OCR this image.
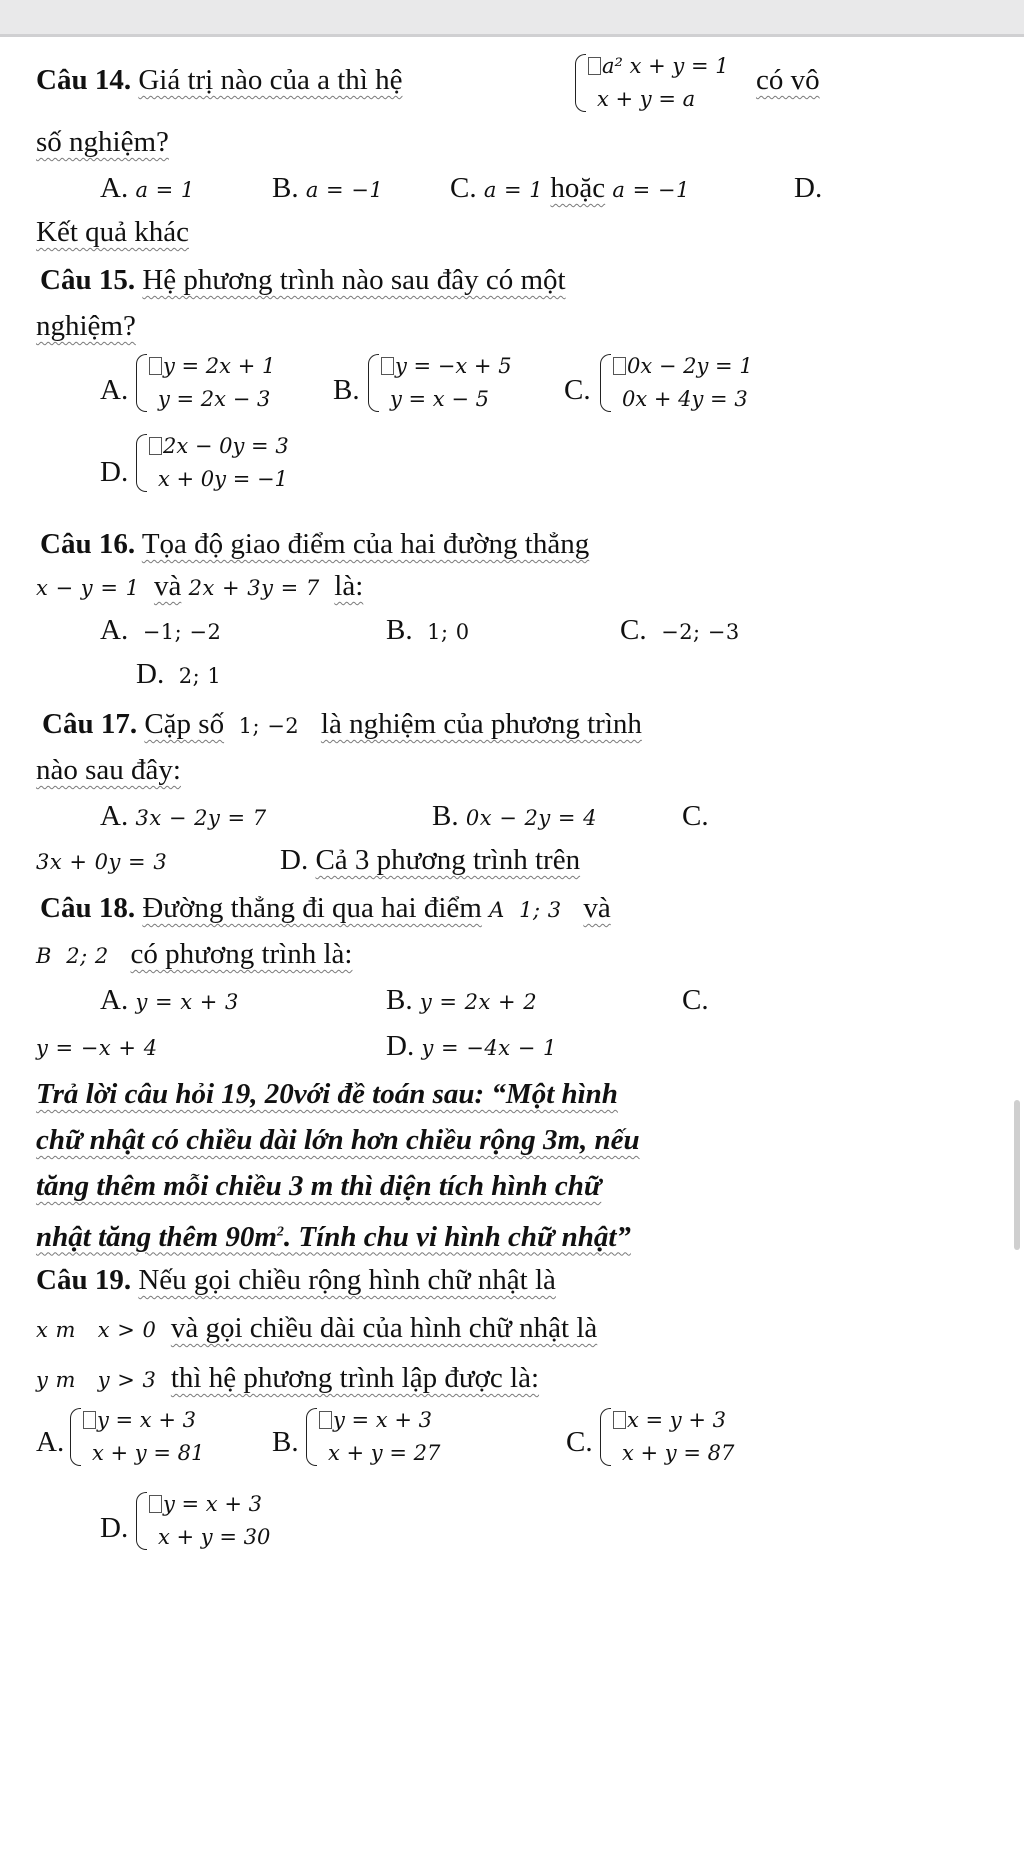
Câu 14. Giá trị nào của a thì hệ	a² x + y = 1
x + y = a
có vô
số nghiệm?
A. a = 1	B. a = −1 C. a = 1 hoặc a = −1	D.
Kết quả khác
Câu 15. Hệ phương trình nào sau đây có một
nghiệm?
A.
y = 2x + 1
y = 2x − 3 B.
y = −x + 5
y = x − 5	C.
0x − 2y = 1
0x + 4y = 3
D.
2x − 0y = 3
x + 0y = −1
Câu 16. Tọa độ giao điểm của hai đường thẳng
x − y = 1 và 2x + 3y = 7 là:
A. −1; −2	B. 1; 0	C. −2; −3
D. 2; 1
Câu 17. Cặp số 1; −2 là nghiệm của phương trình
nào sau đây:
A. 3x − 2y = 7	B. 0x − 2y = 4	C.
3x + 0y = 3	D. Cả 3 phương trình trên
Câu 18. Đường thẳng đi qua hai điểm A  1; 3 và
B  2; 2 có phương trình là:
A. y = x + 3	B. y = 2x + 2	C.
y = −x + 4	D. y = −4x − 1
Trả lời câu hỏi 19, 20với đề toán sau: “Một hình
chữ nhật có chiều dài lớn hơn chiều rộng 3m, nếu
tăng thêm mỗi chiều 3 m thì diện tích hình chữ
nhật tăng thêm $90m^2$. Tính chu vi hình chữ nhật”
Câu 19. Nếu gọi chiều rộng hình chữ nhật là
x m x > 0 và gọi chiều dài của hình chữ nhật là
y m y > 3 thì hệ phương trình lập được là:
A.
y = x + 3
x + y = 81 B.
y = x + 3
x + y = 27	C.
x = y + 3
x + y = 87
D.
y = x + 3
x + y = 30
